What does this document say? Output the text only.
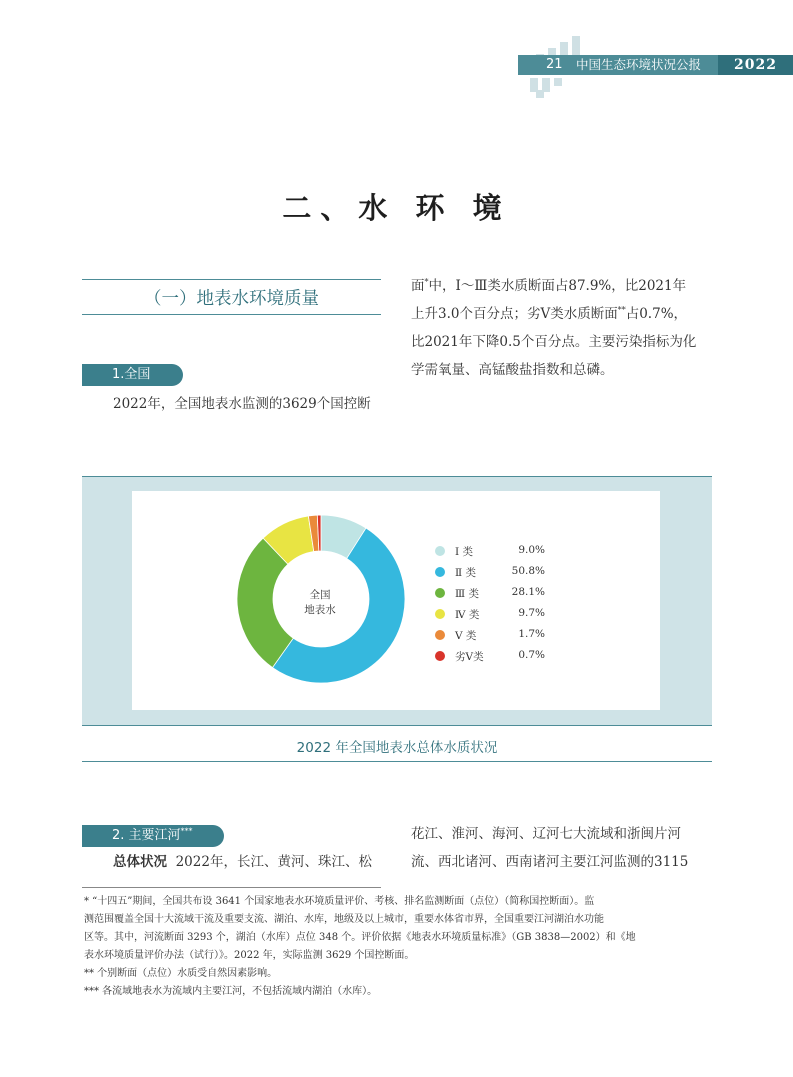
21 中国生态环境状况公报	2022
二、水 环 境
（一）地表水环境质量
1.全国
2022年，全国地表水监测的3629个国控断
面*中，Ⅰ～Ⅲ类水质断面占87.9%，比2021年
上升3.0个百分点；劣Ⅴ类水质断面**占0.7%，
比2021年下降0.5个百分点。主要污染指标为化
学需氧量、高锰酸盐指数和总磷。
全国
地表水
Ⅰ 类	9.0%
Ⅱ 类	50.8%
Ⅲ 类	28.1%
Ⅳ 类	9.7%
Ⅴ 类	1.7%
劣Ⅴ类	0.7%
2022 年全国地表水总体水质状况
2. 主要江河***
总体状况 2022年，长江、黄河、珠江、松
花江、淮河、海河、辽河七大流域和浙闽片河
流、西北诸河、西南诸河主要江河监测的3115
* “十四五”期间，全国共布设 3641 个国家地表水环境质量评价、考核、排名监测断面（点位）（简称国控断面）。监
测范围覆盖全国十大流域干流及重要支流、湖泊、水库，地级及以上城市，重要水体省市界，全国重要江河湖泊水功能
区等。其中，河流断面 3293 个，湖泊（水库）点位 348 个。评价依据《地表水环境质量标准》（GB 3838—2002）和《地
表水环境质量评价办法（试行）》。2022 年，实际监测 3629 个国控断面。
** 个别断面（点位）水质受自然因素影响。
*** 各流域地表水为流域内主要江河，不包括流域内湖泊（水库）。
